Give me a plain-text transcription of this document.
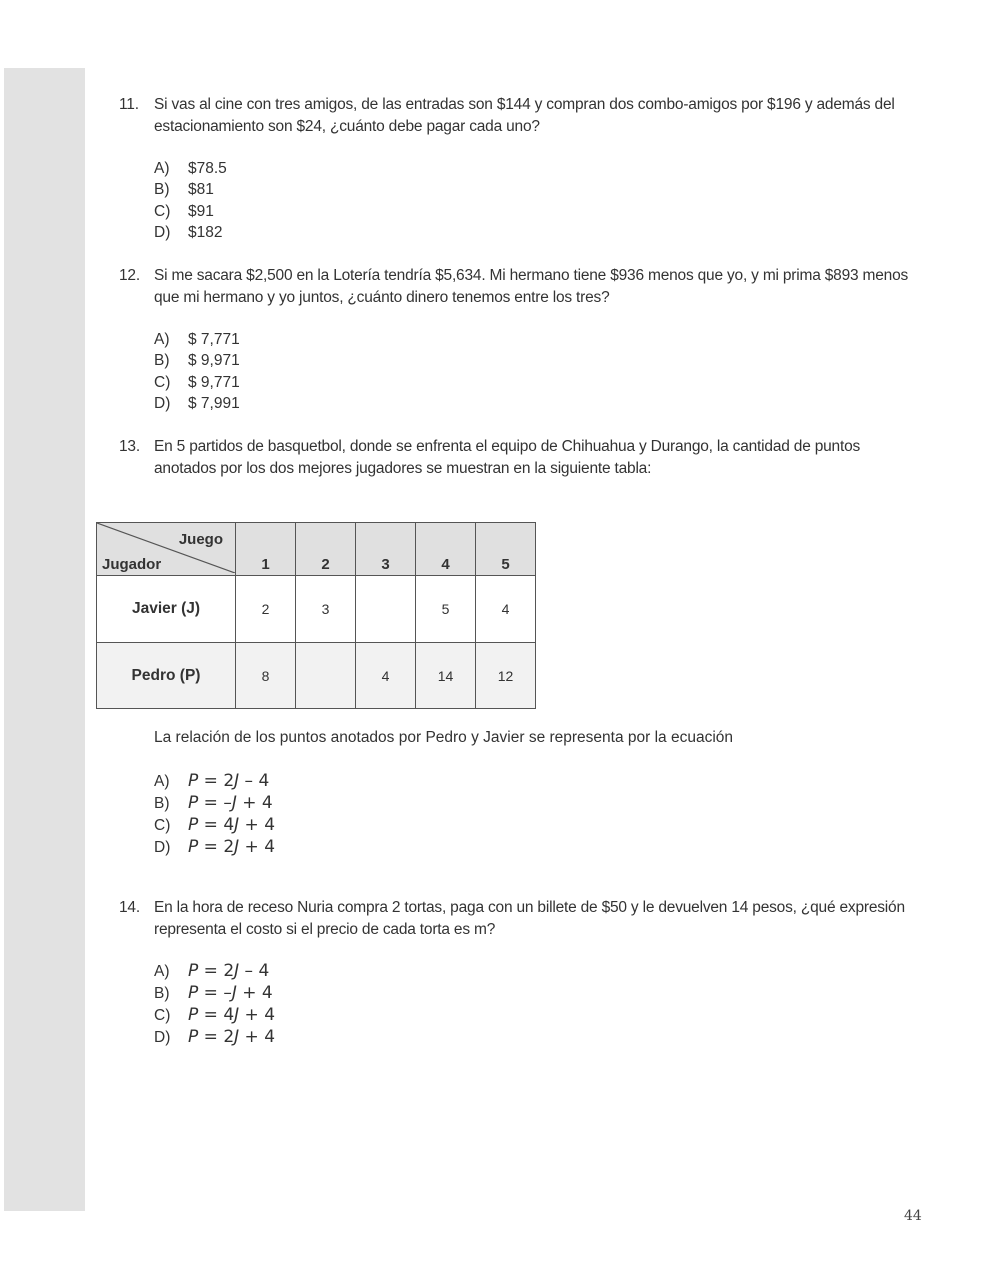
11. Si vas al cine con tres amigos, de las entradas son $144 y compran dos combo-amigos por $196 y además del estacionamiento son $24, ¿cuánto debe pagar cada uno?
A) $78.5
B) $81
C) $91
D) $182
12. Si me sacara $2,500 en la Lotería tendría $5,634. Mi hermano tiene $936 menos que yo, y mi prima $893 menos que mi hermano y yo juntos, ¿cuánto dinero tenemos entre los tres?
A) $ 7,771
B) $ 9,971
C) $ 9,771
D) $ 7,991
13. En 5 partidos de basquetbol, donde se enfrenta el equipo de Chihuahua y Durango, la cantidad de puntos anotados por los dos mejores jugadores se muestran en la siguiente tabla:
Juego
Jugador	1	2	3	4	5
Javier (J)	2	3		5	4
Pedro (P)	8		4	14	12
La relación de los puntos anotados por Pedro y Javier se representa por la ecuación
A) P = 2J – 4
B) P = –J + 4
C) P = 4J + 4
D) P = 2J + 4
14. En la hora de receso Nuria compra 2 tortas, paga con un billete de $50 y le devuelven 14 pesos, ¿qué expresión representa el costo si el precio de cada torta es m?
A) P = 2J – 4
B) P = –J + 4
C) P = 4J + 4
D) P = 2J + 4
44
